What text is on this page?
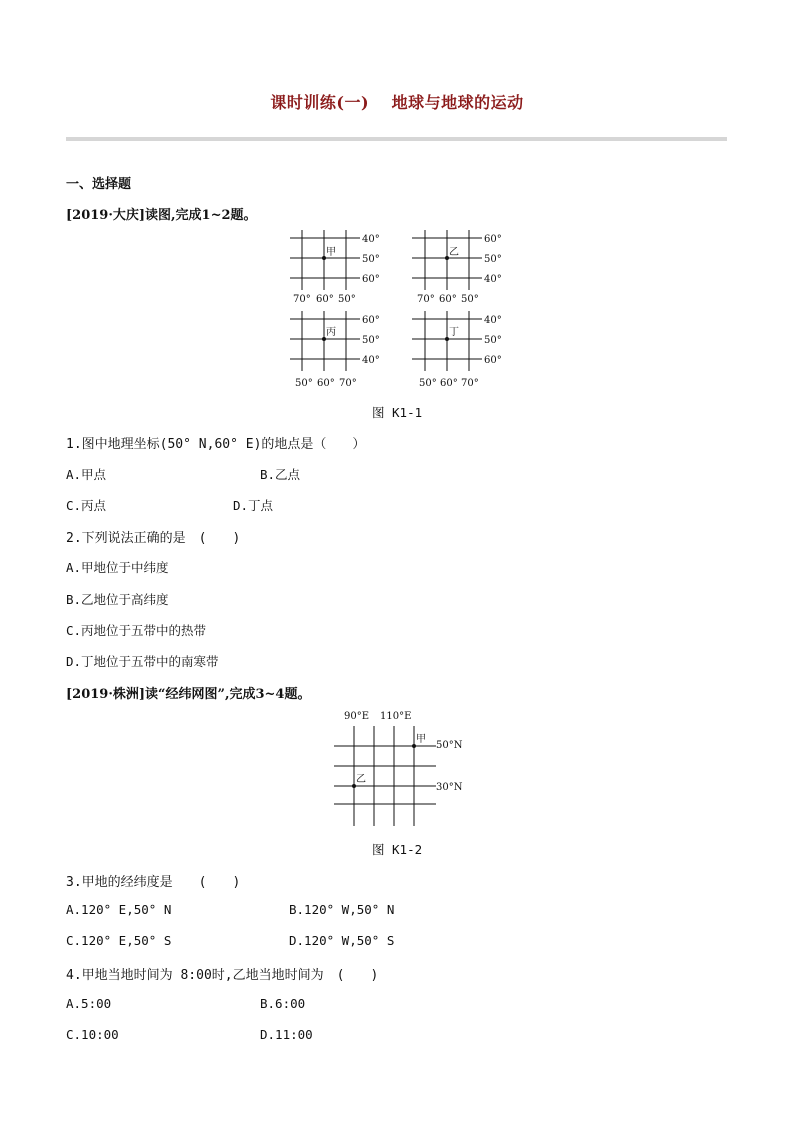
课时训练(一)　 地球与地球的运动
一、选择题
[2019·大庆]读图,完成1~2题。
甲	乙
丙	丁
40°
50°
60°
70° 60° 50°
60°
50°
40°
70° 60° 50°
60°
50°
40°
50° 60° 70°
40°
50°
60°
50° 60° 70°
图 K1-1
1.图中地理坐标(50° N,60° E)的地点是（　　）
A.甲点	B.乙点
C.丙点	D.丁点
2.下列说法正确的是　(　　)
A.甲地位于中纬度
B.乙地位于高纬度
C.丙地位于五带中的热带
D.丁地位于五带中的南寒带
[2019·株洲]读“经纬网图”,完成3~4题。
90°E 110°E
50°N
30°N
甲
乙
图 K1-2
3.甲地的经纬度是　　(　　)
A.120° E,50° N	B.120° W,50° N
C.120° E,50° S	D.120° W,50° S
4.甲地当地时间为 8:00时,乙地当地时间为　(　　)
A.5:00	B.6:00
C.10:00	D.11:00
